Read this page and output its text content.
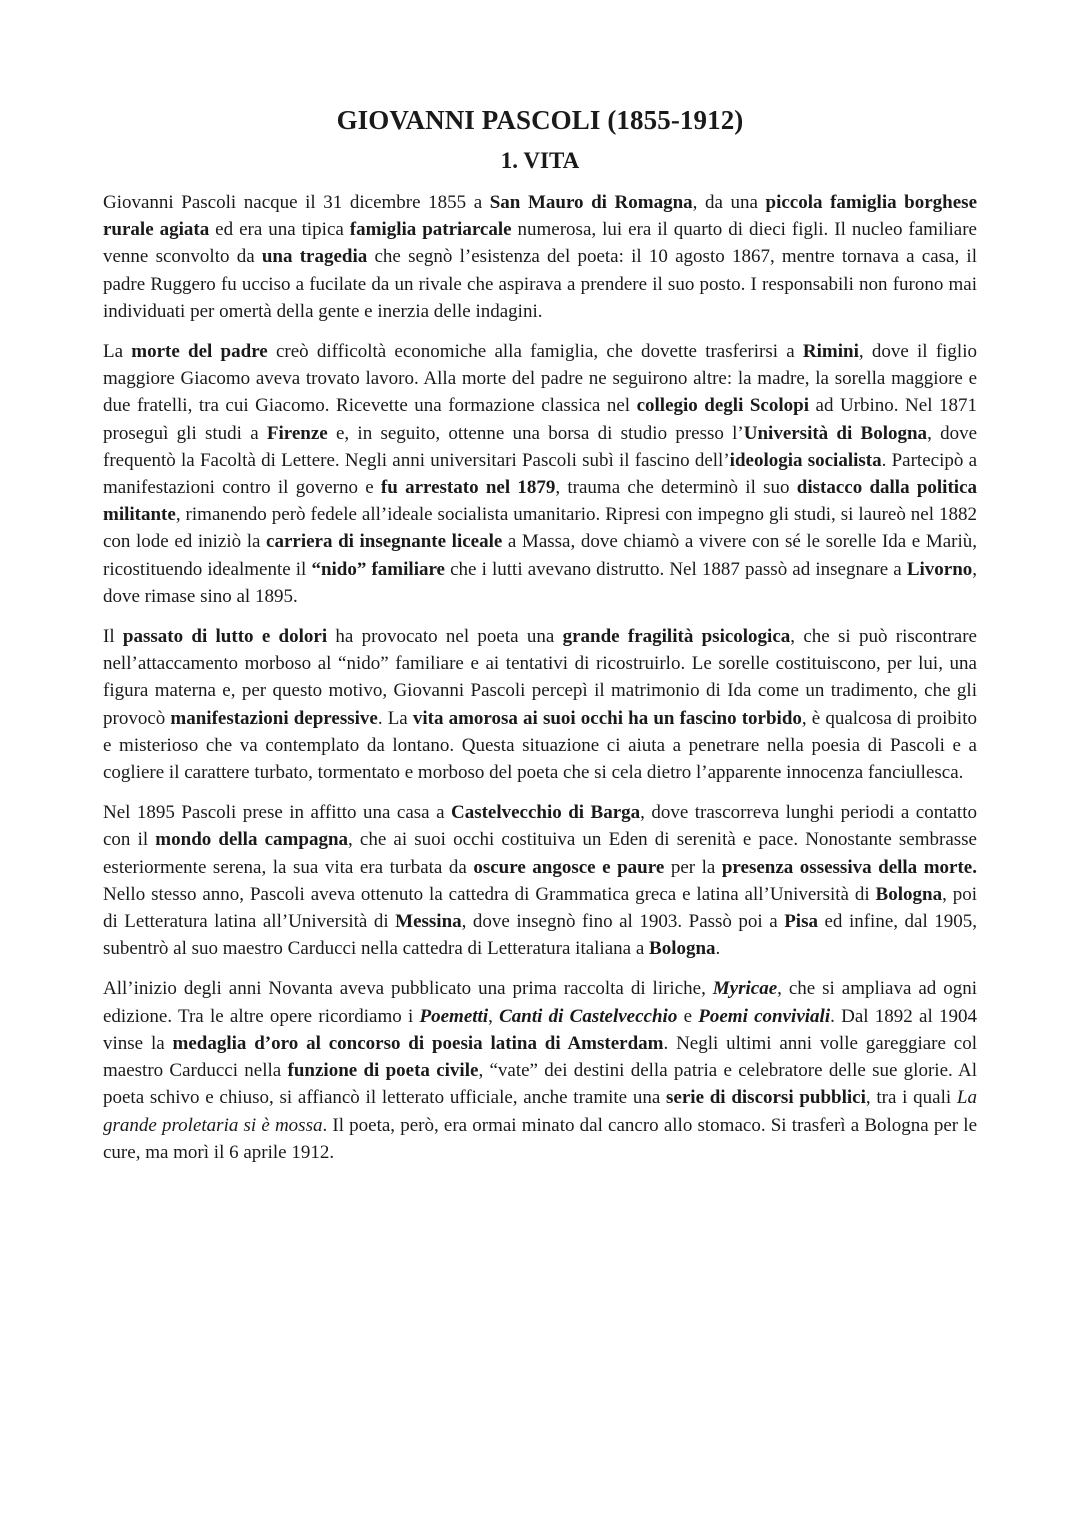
GIOVANNI PASCOLI (1855-1912)
1. VITA

Giovanni Pascoli nacque il 31 dicembre 1855 a San Mauro di Romagna, da una piccola famiglia borghese rurale agiata ed era una tipica famiglia patriarcale numerosa, lui era il quarto di dieci figli. Il nucleo familiare venne sconvolto da una tragedia che segnò l’esistenza del poeta: il 10 agosto 1867, mentre tornava a casa, il padre Ruggero fu ucciso a fucilate da un rivale che aspirava a prendere il suo posto. I responsabili non furono mai individuati per omertà della gente e inerzia delle indagini.

La morte del padre creò difficoltà economiche alla famiglia, che dovette trasferirsi a Rimini, dove il figlio maggiore Giacomo aveva trovato lavoro. Alla morte del padre ne seguirono altre: la madre, la sorella maggiore e due fratelli, tra cui Giacomo. Ricevette una formazione classica nel collegio degli Scolopi ad Urbino. Nel 1871 proseguì gli studi a Firenze e, in seguito, ottenne una borsa di studio presso l’Università di Bologna, dove frequentò la Facoltà di Lettere. Negli anni universitari Pascoli subì il fascino dell’ideologia socialista. Partecipò a manifestazioni contro il governo e fu arrestato nel 1879, trauma che determinò il suo distacco dalla politica militante, rimanendo però fedele all’ideale socialista umanitario. Ripresi con impegno gli studi, si laureò nel 1882 con lode ed iniziò la carriera di insegnante liceale a Massa, dove chiamò a vivere con sé le sorelle Ida e Mariù, ricostituendo idealmente il “nido” familiare che i lutti avevano distrutto. Nel 1887 passò ad insegnare a Livorno, dove rimase sino al 1895.

Il passato di lutto e dolori ha provocato nel poeta una grande fragilità psicologica, che si può riscontrare nell’attaccamento morboso al “nido” familiare e ai tentativi di ricostruirlo. Le sorelle costituiscono, per lui, una figura materna e, per questo motivo, Giovanni Pascoli percepì il matrimonio di Ida come un tradimento, che gli provocò manifestazioni depressive. La vita amorosa ai suoi occhi ha un fascino torbido, è qualcosa di proibito e misterioso che va contemplato da lontano. Questa situazione ci aiuta a penetrare nella poesia di Pascoli e a cogliere il carattere turbato, tormentato e morboso del poeta che si cela dietro l’apparente innocenza fanciullesca.

Nel 1895 Pascoli prese in affitto una casa a Castelvecchio di Barga, dove trascorreva lunghi periodi a contatto con il mondo della campagna, che ai suoi occhi costituiva un Eden di serenità e pace. Nonostante sembrasse esteriormente serena, la sua vita era turbata da oscure angosce e paure per la presenza ossessiva della morte. Nello stesso anno, Pascoli aveva ottenuto la cattedra di Grammatica greca e latina all’Università di Bologna, poi di Letteratura latina all’Università di Messina, dove insegnò fino al 1903. Passò poi a Pisa ed infine, dal 1905, subentrò al suo maestro Carducci nella cattedra di Letteratura italiana a Bologna.

All’inizio degli anni Novanta aveva pubblicato una prima raccolta di liriche, Myricae, che si ampliava ad ogni edizione. Tra le altre opere ricordiamo i Poemetti, Canti di Castelvecchio e Poemi conviviali. Dal 1892 al 1904 vinse la medaglia d’oro al concorso di poesia latina di Amsterdam. Negli ultimi anni volle gareggiare col maestro Carducci nella funzione di poeta civile, “vate” dei destini della patria e celebratore delle sue glorie. Al poeta schivo e chiuso, si affiancò il letterato ufficiale, anche tramite una serie di discorsi pubblici, tra i quali La grande proletaria si è mossa. Il poeta, però, era ormai minato dal cancro allo stomaco. Si trasferì a Bologna per le cure, ma morì il 6 aprile 1912.
